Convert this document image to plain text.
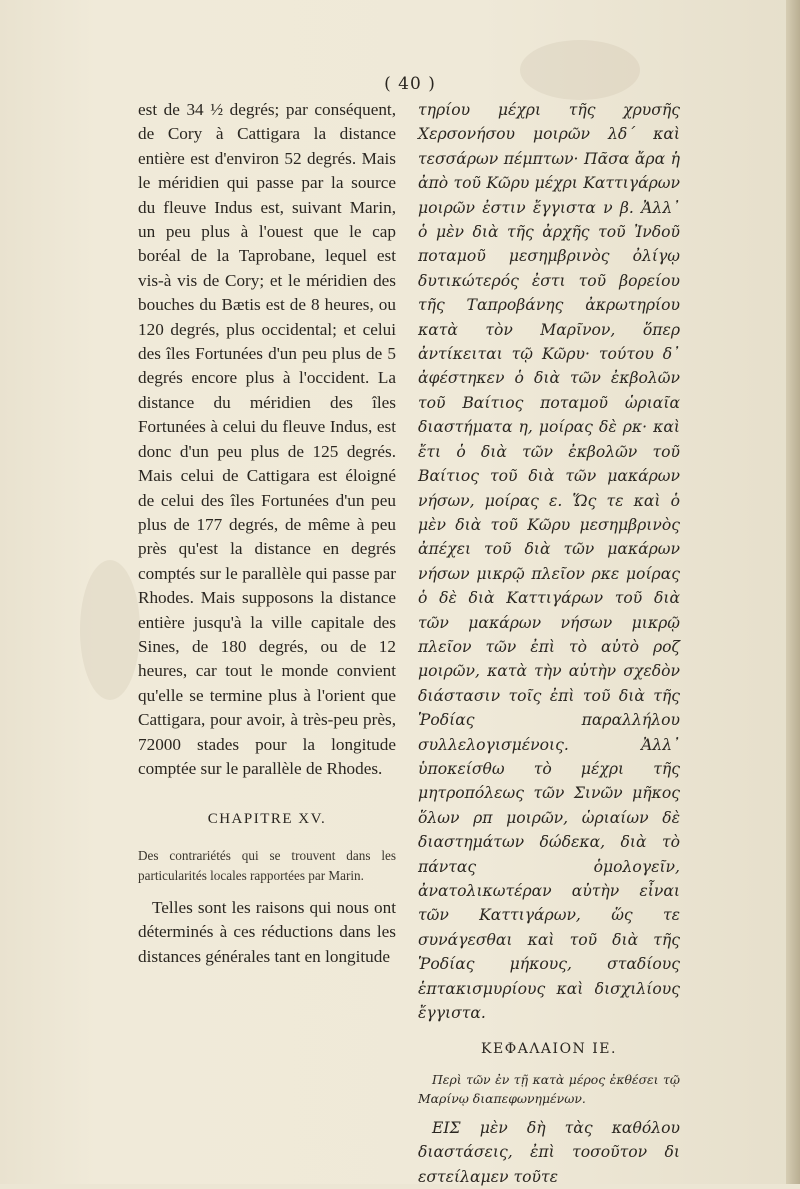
( 40 )

est de 34 ½ degrés; par conséquent, de Cory à Cattigara la distance entière est d'environ 52 degrés. Mais le méridien qui passe par la source du fleuve Indus est, suivant Marin, un peu plus à l'ouest que le cap boréal de la Taprobane, lequel est vis-à vis de Cory; et le méridien des bouches du Bætis est de 8 heures, ou 120 degrés, plus occidental; et celui des îles Fortunées d'un peu plus de 5 degrés encore plus à l'occident. La distance du méridien des îles Fortunées à celui du fleuve Indus, est donc d'un peu plus de 125 degrés. Mais celui de Cattigara est éloigné de celui des îles Fortunées d'un peu plus de 177 degrés, de même à peu près qu'est la distance en degrés comptés sur le parallèle qui passe par Rhodes. Mais supposons la distance entière jusqu'à la ville capitale des Sines, de 180 degrés, ou de 12 heures, car tout le monde convient qu'elle se termine plus à l'orient que Cattigara, pour avoir, à très-peu près, 72000 stades pour la longitude comptée sur le parallèle de Rhodes.

CHAPITRE XV.

Des contrariétés qui se trouvent dans les particularités locales rapportées par Marin.

Telles sont les raisons qui nous ont déterminés à ces réductions dans les distances générales tant en longitude

τηρίου μέχρι τῆς χρυσῆς Χερσονήσου μοιρῶν λδ΄ καὶ τεσσάρων πέμπτων· Πᾶσα ἄρα ἡ ἀπὸ τοῦ Κῶρυ μέχρι Καττιγάρων μοιρῶν ἐστιν ἔγγιστα ν β. Ἀλλ᾽ ὁ μὲν διὰ τῆς ἀρχῆς τοῦ Ἰνδοῦ ποταμοῦ μεσημβρινὸς ὀλίγῳ δυτικώτερός ἐστι τοῦ βορείου τῆς Ταπροβάνης ἀκρωτηρίου κατὰ τὸν Μαρῖνον, ὅπερ ἀντίκειται τῷ Κῶρυ· τούτου δ᾽ ἀφέστηκεν ὁ διὰ τῶν ἐκβολῶν τοῦ Βαίτιος ποταμοῦ ὡριαῖα διαστήματα η, μοίρας δὲ ρκ· καὶ ἔτι ὁ διὰ τῶν ἐκβολῶν τοῦ Βαίτιος τοῦ διὰ τῶν μακάρων νήσων, μοίρας ε. Ὥς τε καὶ ὁ μὲν διὰ τοῦ Κῶρυ μεσημβρινὸς ἀπέχει τοῦ διὰ τῶν μακάρων νήσων μικρῷ πλεῖον ρκε μοίρας ὁ δὲ διὰ Καττιγάρων τοῦ διὰ τῶν μακάρων νήσων μικρῷ πλεῖον τῶν ἐπὶ τὸ αὐτὸ ροζ μοιρῶν, κατὰ τὴν αὐτὴν σχεδὸν διάστασιν τοῖς ἐπὶ τοῦ διὰ τῆς Ῥοδίας παραλλήλου συλλελογισμένοις. Ἀλλ᾽ ὑποκείσθω τὸ μέχρι τῆς μητροπόλεως τῶν Σινῶν μῆκος ὅλων ρπ μοιρῶν, ὡριαίων δὲ διαστημάτων δώδεκα, διὰ τὸ πάντας ὁμολογεῖν, ἀνατολικωτέραν αὐτὴν εἶναι τῶν Καττιγάρων, ὥς τε συνάγεσθαι καὶ τοῦ διὰ τῆς Ῥοδίας μήκους, σταδίους ἑπτακισμυρίους καὶ δισχιλίους ἔγγιστα.

ΚΕΦΑΛΑΙΟΝ ΙΕ.

Περὶ τῶν ἐν τῇ κατὰ μέρος ἐκθέσει τῷ Μαρίνῳ διαπεφωνημένων.

ΕΙΣ μὲν δὴ τὰς καθόλου διαστάσεις, ἐπὶ τοσοῦτον δι​εστείλαμεν τοῦτε
